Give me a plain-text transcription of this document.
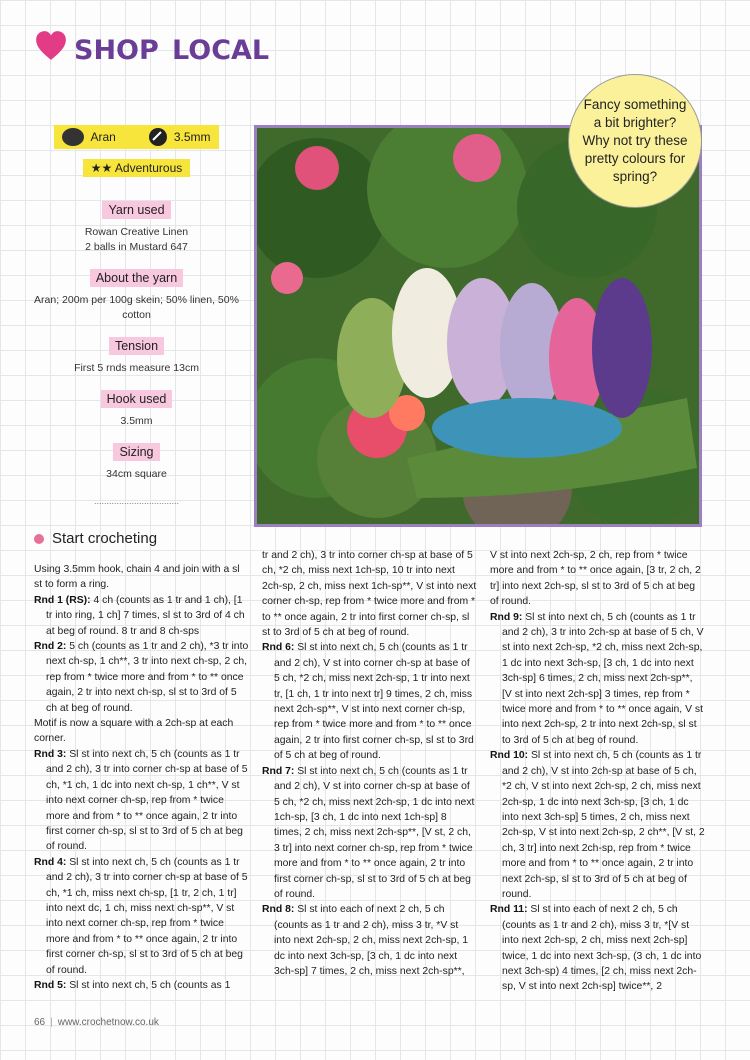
shop local
Aran	3.5mm
★★ Adventurous
Yarn used
Rowan Creative Linen
2 balls in Mustard 647
About the yarn
Aran; 200m per 100g skein; 50% linen, 50% cotton
Tension
First 5 rnds measure 13cm
Hook used
3.5mm
Sizing
34cm square
..................................
Fancy something a bit brighter? Why not try these pretty colours for spring?
Start crocheting

Using 3.5mm hook, chain 4 and join with a sl st to form a ring.

Rnd 1 (RS): 4 ch (counts as 1 tr and 1 ch), [1 tr into ring, 1 ch] 7 times, sl st to 3rd of 4 ch at beg of round. 8 tr and 8 ch-sps

Rnd 2: 5 ch (counts as 1 tr and 2 ch), *3 tr into next ch-sp, 1 ch**, 3 tr into next ch-sp, 2 ch, rep from * twice more and from * to ** once again, 2 tr into next ch-sp, sl st to 3rd of 5 ch at beg of round.

Motif is now a square with a 2ch-sp at each corner.

Rnd 3: Sl st into next ch, 5 ch (counts as 1 tr and 2 ch), 3 tr into corner ch-sp at base of 5 ch, *1 ch, 1 dc into next ch-sp, 1 ch**, V st into next corner ch-sp, rep from * twice more and from * to ** once again, 2 tr into first corner ch-sp, sl st to 3rd of 5 ch at beg of round.

Rnd 4: Sl st into next ch, 5 ch (counts as 1 tr and 2 ch), 3 tr into corner ch-sp at base of 5 ch, *1 ch, miss next ch-sp, [1 tr, 2 ch, 1 tr] into next dc, 1 ch, miss next ch-sp**, V st into next corner ch-sp, rep from * twice more and from * to ** once again, 2 tr into first corner ch-sp, sl st to 3rd of 5 ch at beg of round.

Rnd 5: Sl st into next ch, 5 ch (counts as 1

tr and 2 ch), 3 tr into corner ch-sp at base of 5 ch, *2 ch, miss next 1ch-sp, 10 tr into next 2ch-sp, 2 ch, miss next 1ch-sp**, V st into next corner ch-sp, rep from * twice more and from * to ** once again, 2 tr into first corner ch-sp, sl st to 3rd of 5 ch at beg of round.

Rnd 6: Sl st into next ch, 5 ch (counts as 1 tr and 2 ch), V st into corner ch-sp at base of 5 ch, *2 ch, miss next 2ch-sp, 1 tr into next tr, [1 ch, 1 tr into next tr] 9 times, 2 ch, miss next 2ch-sp**, V st into next corner ch-sp, rep from * twice more and from * to ** once again, 2 tr into first corner ch-sp, sl st to 3rd of 5 ch at beg of round.

Rnd 7: Sl st into next ch, 5 ch (counts as 1 tr and 2 ch), V st into corner ch-sp at base of 5 ch, *2 ch, miss next 2ch-sp, 1 dc into next 1ch-sp, [3 ch, 1 dc into next 1ch-sp] 8 times, 2 ch, miss next 2ch-sp**, [V st, 2 ch, 3 tr] into next corner ch-sp, rep from * twice more and from * to ** once again, 2 tr into first corner ch-sp, sl st to 3rd of 5 ch at beg of round.

Rnd 8: Sl st into each of next 2 ch, 5 ch (counts as 1 tr and 2 ch), miss 3 tr, *V st into next 2ch-sp, 2 ch, miss next 2ch-sp, 1 dc into next 3ch-sp, [3 ch, 1 dc into next 3ch-sp] 7 times, 2 ch, miss next 2ch-sp**,

V st into next 2ch-sp, 2 ch, rep from * twice more and from * to ** once again, [3 tr, 2 ch, 2 tr] into next 2ch-sp, sl st to 3rd of 5 ch at beg of round.

Rnd 9: Sl st into next ch, 5 ch (counts as 1 tr and 2 ch), 3 tr into 2ch-sp at base of 5 ch, V st into next 2ch-sp, *2 ch, miss next 2ch-sp, 1 dc into next 3ch-sp, [3 ch, 1 dc into next 3ch-sp] 6 times, 2 ch, miss next 2ch-sp**, [V st into next 2ch-sp] 3 times, rep from * twice more and from * to ** once again, V st into next 2ch-sp, 2 tr into next 2ch-sp, sl st to 3rd of 5 ch at beg of round.

Rnd 10: Sl st into next ch, 5 ch (counts as 1 tr and 2 ch), V st into 2ch-sp at base of 5 ch, *2 ch, V st into next 2ch-sp, 2 ch, miss next 2ch-sp, 1 dc into next 3ch-sp, [3 ch, 1 dc into next 3ch-sp] 5 times, 2 ch, miss next 2ch-sp, V st into next 2ch-sp, 2 ch**, [V st, 2 ch, 3 tr] into next 2ch-sp, rep from * twice more and from * to ** once again, 2 tr into next 2ch-sp, sl st to 3rd of 5 ch at beg of round.

Rnd 11: Sl st into each of next 2 ch, 5 ch (counts as 1 tr and 2 ch), miss 3 tr, *[V st into next 2ch-sp, 2 ch, miss next 2ch-sp] twice, 1 dc into next 3ch-sp, (3 ch, 1 dc into next 3ch-sp) 4 times, [2 ch, miss next 2ch-sp, V st into next 2ch-sp] twice**, 2

66 | www.crochetnow.co.uk
